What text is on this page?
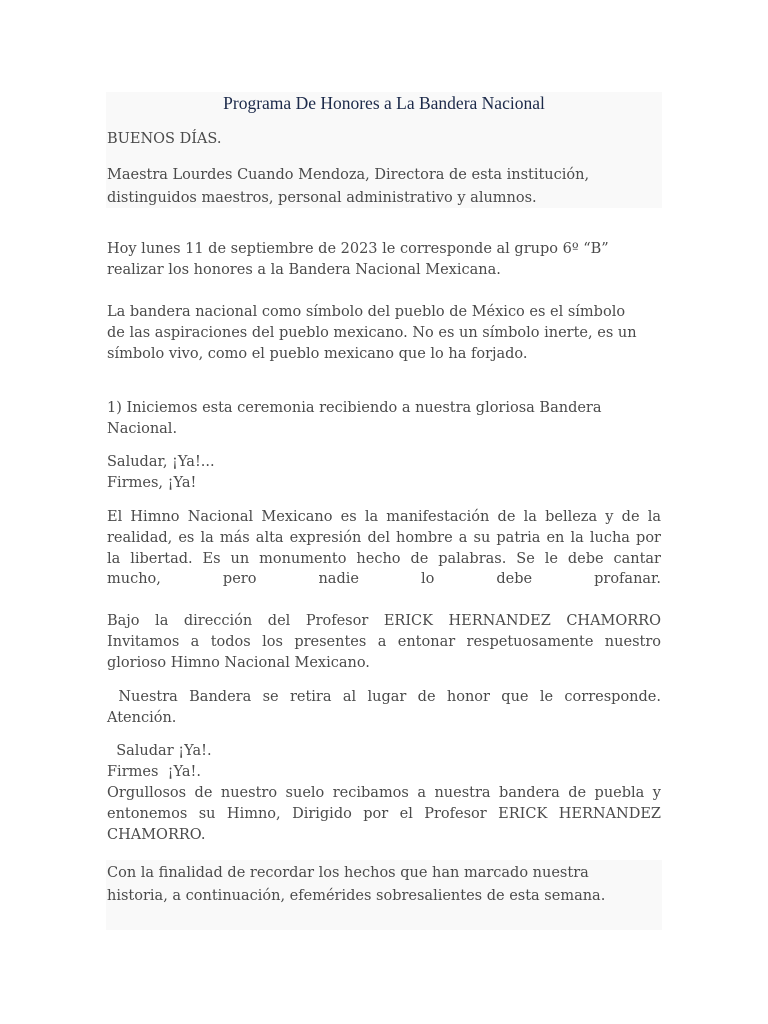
Programa De Honores a La Bandera Nacional

BUENOS DÍAS.

Maestra Lourdes Cuando Mendoza, Directora de esta institución,
distinguidos maestros, personal administrativo y alumnos.

Hoy lunes 11 de septiembre de 2023 le corresponde al grupo 6º “B”
realizar los honores a la Bandera Nacional Mexicana.

La bandera nacional como símbolo del pueblo de México es el símbolo
de las aspiraciones del pueblo mexicano. No es un símbolo inerte, es un
símbolo vivo, como el pueblo mexicano que lo ha forjado.

1) Iniciemos esta ceremonia recibiendo a nuestra gloriosa Bandera
Nacional.

Saludar, ¡Ya!...
Firmes, ¡Ya!

El Himno Nacional Mexicano es la manifestación de la belleza y de la
realidad, es la más alta expresión del hombre a su patria en la lucha por
la libertad. Es un monumento hecho de palabras. Se le debe cantar
mucho, pero nadie lo debe profanar.

Bajo la dirección del Profesor ERICK HERNANDEZ CHAMORRO
Invitamos a todos los presentes a entonar respetuosamente nuestro
glorioso Himno Nacional Mexicano.

Nuestra Bandera se retira al lugar de honor que le corresponde.
Atención.

Saludar ¡Ya!.
Firmes  ¡Ya!.

Orgullosos de nuestro suelo recibamos a nuestra bandera de puebla y
entonemos su Himno, Dirigido por el Profesor ERICK HERNANDEZ
CHAMORRO.

Con la finalidad de recordar los hechos que han marcado nuestra
historia, a continuación, efemérides sobresalientes de esta semana.
